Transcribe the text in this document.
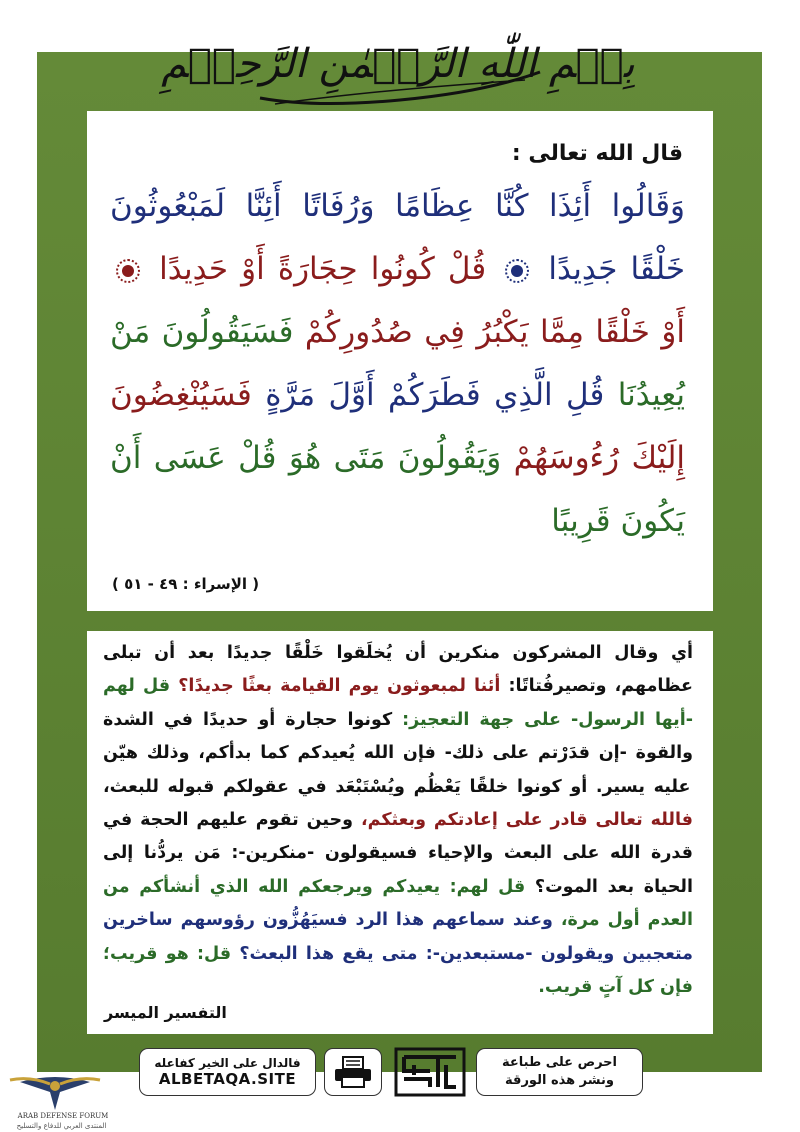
بِسۡمِ اللّٰهِ الرَّحۡمٰنِ الرَّحِيۡمِ
قال الله تعالى :
وَقَالُوا أَئِذَا كُنَّا عِظَامًا وَرُفَاتًا أَئِنَّا لَمَبْعُوثُونَ خَلْقًا جَدِيدًا  قُلْ كُونُوا حِجَارَةً أَوْ حَدِيدًا  أَوْ خَلْقًا مِمَّا يَكْبُرُ فِي صُدُورِكُمْ فَسَيَقُولُونَ مَنْ يُعِيدُنَا قُلِ الَّذِي فَطَرَكُمْ أَوَّلَ مَرَّةٍ فَسَيُنْغِضُونَ إِلَيْكَ رُءُوسَهُمْ وَيَقُولُونَ مَتَى هُوَ قُلْ عَسَى أَنْ يَكُونَ قَرِيبًا
( الإسراء : ٤٩ - ٥١ )
أي وقال المشركون منكرين أن يُخلَقوا خَلْقًا جديدًا بعد أن تبلى عظامهم، وتصيرفُتاتًا: أئنا لمبعوثون يوم القيامة بعثًا جديدًا؟ قل لهم -أيها الرسول- على جهة التعجيز: كونوا حجارة أو حديدًا في الشدة والقوة -إن قدَرْتم على ذلك- فإن الله يُعيدكم كما بدأكم، وذلك هيّن عليه يسير. أو كونوا خلقًا يَعْظُم ويُسْتَبْعَد في عقولكم قبوله للبعث، فالله تعالى قادر على إعادتكم وبعثكم، وحين تقوم عليهم الحجة في قدرة الله على البعث والإحياء فسيقولون -منكرين-: مَن يردُّنا إلى الحياة بعد الموت؟ قل لهم: يعيدكم ويرجعكم الله الذي أنشأكم من العدم أول مرة، وعند سماعهم هذا الرد فسيَهُزُّون رؤوسهم ساخرين متعجبين ويقولون -مستبعدين-: متى يقع هذا البعث؟ قل: هو قريب؛ فإن كل آتٍ قريب.
التفسير الميسر
فالدال على الخير كفاعله
ALBETAQA.SITE
احرص على طباعة
ونشر هذه الورقة
ARAB DEFENSE FORUM
المنتدى العربي للدفاع والتسليح
